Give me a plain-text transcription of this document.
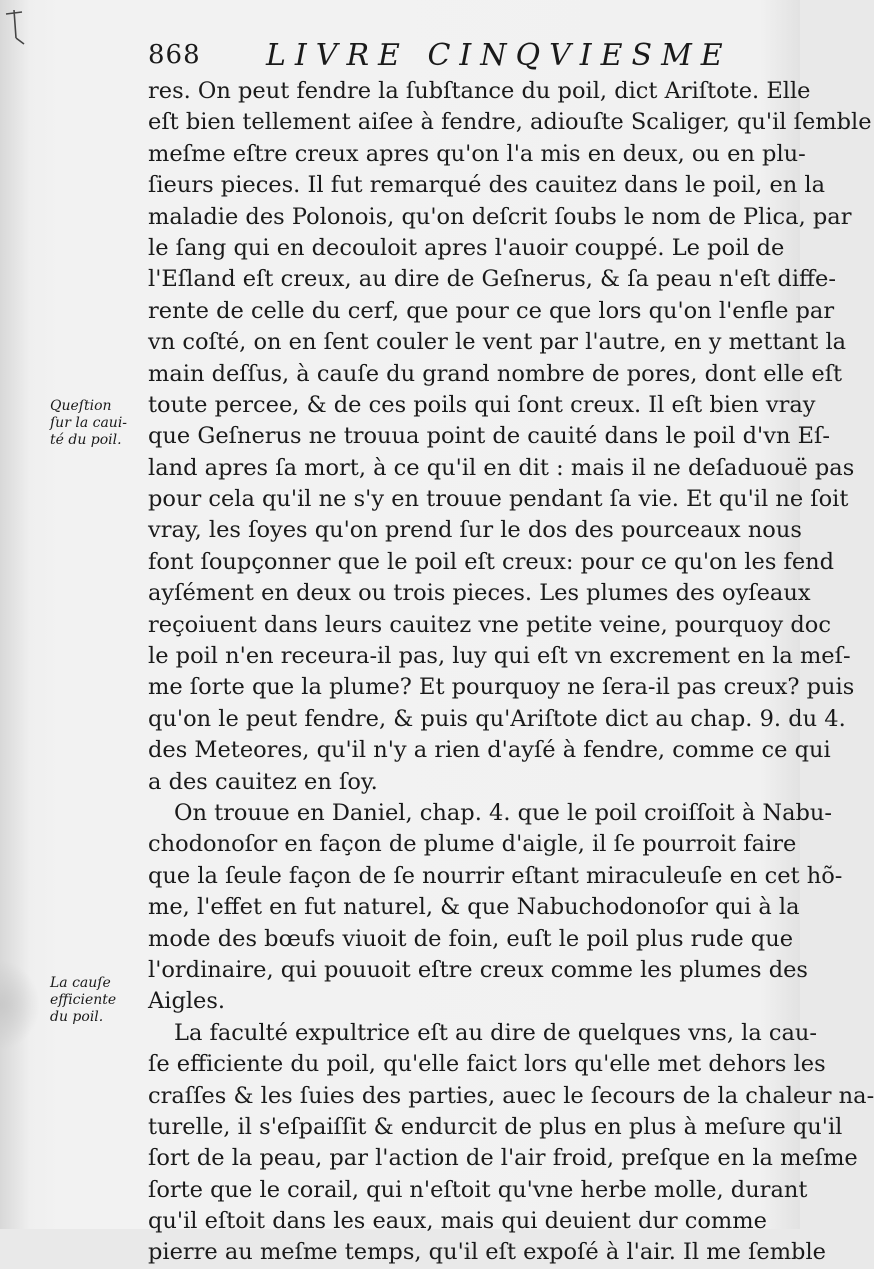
868 LIVRE CINQVIESME
Queſtion
ſur la caui-
té du poil.
La cauſe
efficiente
du poil.
res. On peut fendre la ſubſtance du poil, dict Ariſtote. Elle
eſt bien tellement aiſee à fendre, adiouſte Scaliger, qu'il ſemble
meſme eſtre creux apres qu'on l'a mis en deux, ou en plu-
ſieurs pieces. Il fut remarqué des cauitez dans le poil, en la
maladie des Polonois, qu'on deſcrit ſoubs le nom de Plica, par
le ſang qui en decouloit apres l'auoir couppé. Le poil de
l'Eſland eſt creux, au dire de Geſnerus, & ſa peau n'eſt diffe-
rente de celle du cerf, que pour ce que lors qu'on l'enfle par
vn coſté, on en ſent couler le vent par l'autre, en y mettant la
main deſſus, à cauſe du grand nombre de pores, dont elle eſt
toute percee, & de ces poils qui ſont creux. Il eſt bien vray
que Geſnerus ne trouua point de cauité dans le poil d'vn Eſ-
land apres ſa mort, à ce qu'il en dit : mais il ne deſaduouë pas
pour cela qu'il ne s'y en trouue pendant ſa vie. Et qu'il ne ſoit
vray, les ſoyes qu'on prend ſur le dos des pourceaux nous
font ſoupçonner que le poil eſt creux: pour ce qu'on les fend
ayſément en deux ou trois pieces. Les plumes des oyſeaux
reçoiuent dans leurs cauitez vne petite veine, pourquoy doc
le poil n'en receura-il pas, luy qui eſt vn excrement en la meſ-
me ſorte que la plume? Et pourquoy ne ſera-il pas creux? puis
qu'on le peut fendre, & puis qu'Ariſtote dict au chap. 9. du 4.
des Meteores, qu'il n'y a rien d'ayſé à fendre, comme ce qui
a des cauitez en ſoy.
On trouue en Daniel, chap. 4. que le poil croiſſoit à Nabu-
chodonoſor en façon de plume d'aigle, il ſe pourroit faire
que la ſeule façon de ſe nourrir eſtant miraculeuſe en cet hõ-
me, l'effet en fut naturel, & que Nabuchodonoſor qui à la
mode des bœufs viuoit de foin, euſt le poil plus rude que
l'ordinaire, qui pouuoit eſtre creux comme les plumes des
Aigles.
La faculté expultrice eſt au dire de quelques vns, la cau-
ſe efficiente du poil, qu'elle faict lors qu'elle met dehors les
craſſes & les ſuies des parties, auec le ſecours de la chaleur na-
turelle, il s'eſpaiſſit & endurcit de plus en plus à meſure qu'il
ſort de la peau, par l'action de l'air froid, preſque en la meſme
ſorte que le corail, qui n'eſtoit qu'vne herbe molle, durant
qu'il eſtoit dans les eaux, mais qui deuient dur comme
pierre au meſme temps, qu'il eſt expoſé à l'air. Il me ſemble
